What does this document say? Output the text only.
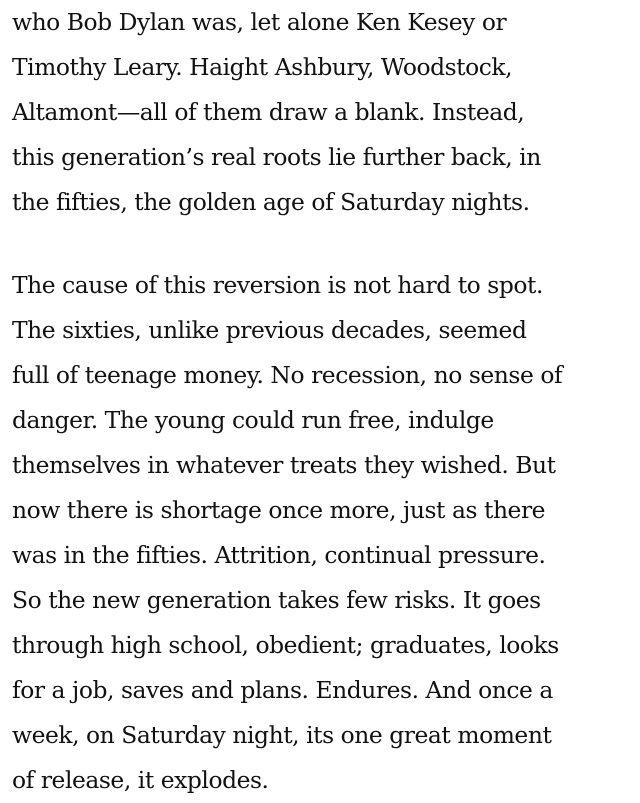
who Bob Dylan was, let alone Ken Kesey or
Timothy Leary. Haight Ashbury, Woodstock,
Altamont—all of them draw a blank. Instead,
this generation’s real roots lie further back, in
the fifties, the golden age of Saturday nights.
The cause of this reversion is not hard to spot.
The sixties, unlike previous decades, seemed
full of teenage money. No recession, no sense of
danger. The young could run free, indulge
themselves in whatever treats they wished. But
now there is shortage once more, just as there
was in the fifties. Attrition, continual pressure.
So the new generation takes few risks. It goes
through high school, obedient; graduates, looks
for a job, saves and plans. Endures. And once a
week, on Saturday night, its one great moment
of release, it explodes.
